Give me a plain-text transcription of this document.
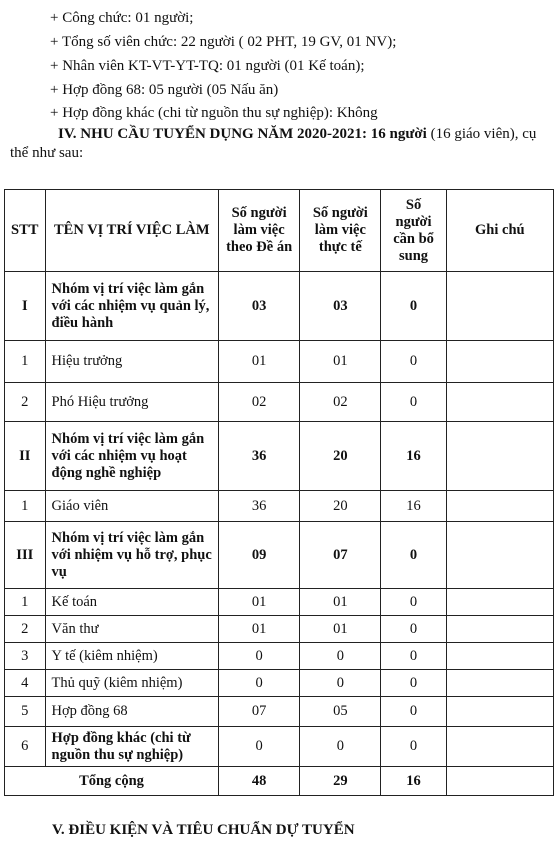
+ Công chức: 01 người;
+ Tổng số viên chức: 22 người ( 02 PHT, 19 GV, 01 NV);
+ Nhân viên KT-VT-YT-TQ: 01 người (01 Kế toán);
+ Hợp đồng 68: 05 người (05 Nấu ăn)
+ Hợp đồng khác (chi từ nguồn thu sự nghiệp): Không
IV. NHU CẦU TUYỂN DỤNG NĂM 2020-2021: 16 người (16 giáo viên), cụ thể như sau:
STT	TÊN VỊ TRÍ VIỆC LÀM	Số người làm việc theo Đề án	Số người làm việc thực tế	Số người cần bổ sung	Ghi chú
I	Nhóm vị trí việc làm gắn với các nhiệm vụ quản lý, điều hành	03	03	0	
1	Hiệu trưởng	01	01	0	
2	Phó Hiệu trưởng	02	02	0	
II	Nhóm vị trí việc làm gắn với các nhiệm vụ hoạt động nghề nghiệp	36	20	16	
1	Giáo viên	36	20	16	
III	Nhóm vị trí việc làm gắn với nhiệm vụ hỗ trợ, phục vụ	09	07	0	
1	Kế toán	01	01	0	
2	Văn thư	01	01	0	
3	Y tế (kiêm nhiệm)	0	0	0	
4	Thủ quỹ (kiêm nhiệm)	0	0	0	
5	Hợp đồng 68	07	05	0	
6	Hợp đồng khác (chi từ nguồn thu sự nghiệp)	0	0	0	
Tổng cộng		48	29	16	
V. ĐIỀU KIỆN VÀ TIÊU CHUẨN DỰ TUYỂN
